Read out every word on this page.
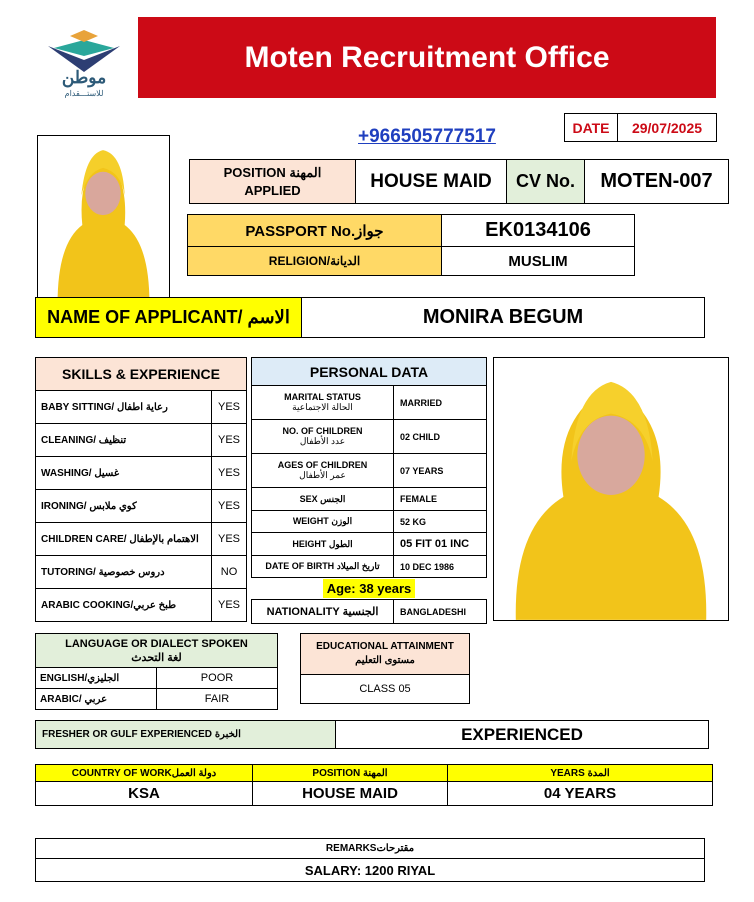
موطن
للاستـــقدام
Moten Recruitment Office
+966505777517	DATE	29/07/2025
POSITION المهنة
APPLIED	HOUSE MAID	CV No.	MOTEN-007
PASSPORT No.جواز	EK0134106
RELIGION/الديانة	MUSLIM
NAME OF APPLICANT/ الاسم	MONIRA BEGUM
SKILLS & EXPERIENCE
BABY SITTING/ رعاية اطفال	YES
CLEANING/ تنظيف	YES
WASHING/ غسيل	YES
IRONING/ كوي ملابس	YES
CHILDREN CARE/ الاهتمام بالإطفال	YES
TUTORING/ دروس خصوصية	NO
ARABIC COOKING/طبخ عربي	YES
PERSONAL DATA
MARITAL STATUS
الحالة الاجتماعية	MARRIED

NO. OF CHILDREN
عدد الأطفال	02 CHILD

AGES OF CHILDREN
عمر الأطفال	07 YEARS
SEX الجنس	FEMALE
WEIGHT الوزن	52 KG
HEIGHT الطول	05 FIT 01 INC
DATE OF BIRTH تاريخ الميلاد	10 DEC 1986
Age: 38 years	
NATIONALITY الجنسية	BANGLADESHI
LANGUAGE OR DIALECT SPOKEN
لغة التحدث
ENGLISH/الجليزي	POOR
ARABIC/ عربي	FAIR
EDUCATIONAL ATTAINMENT
مستوى التعليم
CLASS 05
FRESHER OR GULF EXPERIENCED الخبرة	EXPERIENCED
COUNTRY OF WORKدولة العمل	POSITION المهنة	YEARS المدة
KSA	HOUSE MAID	04 YEARS
REMARKSمقترحات
SALARY: 1200 RIYAL
